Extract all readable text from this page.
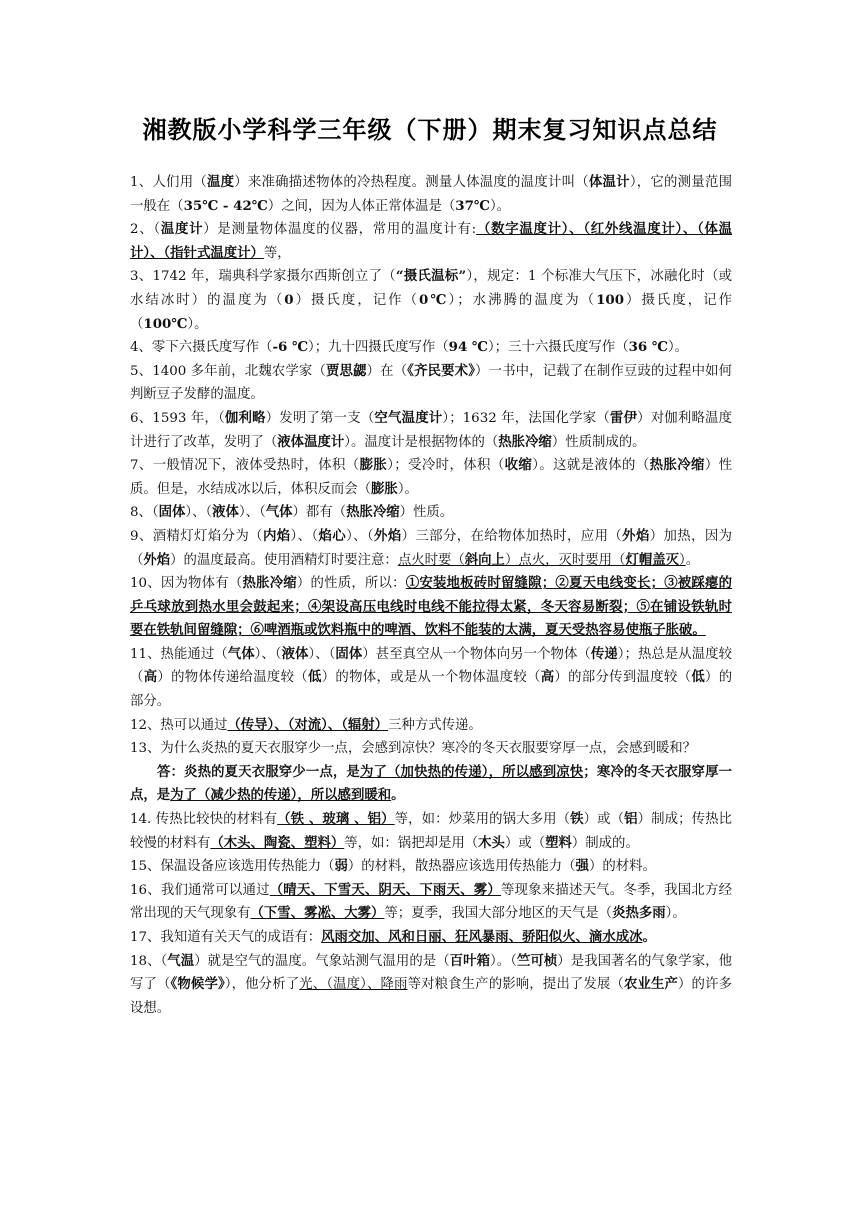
湘教版小学科学三年级（下册）期末复习知识点总结

1、人们用（温度）来准确描述物体的冷热程度。测量人体温度的温度计叫（体温计），它的测量范围一般在（35℃ - 42℃）之间，因为人体正常体温是（37℃）。

2、（温度计）是测量物体温度的仪器，常用的温度计有:（数字温度计）、（红外线温度计）、（体温计）、（指针式温度计）等，

3、1742 年，瑞典科学家摄尔西斯创立了（“摄氏温标”），规定：1 个标准大气压下，冰融化时（或水结冰时）的温度为（0）摄氏度，记作（0℃）；水沸腾的温度为（100）摄氏度，记作（100℃）。

4、零下六摄氏度写作（-6 ℃）；九十四摄氏度写作（94 ℃）；三十六摄氏度写作（36 ℃）。

5、1400 多年前，北魏农学家（贾思勰）在（《齐民要术》）一书中，记载了在制作豆豉的过程中如何判断豆子发酵的温度。

6、1593 年，（伽利略）发明了第一支（空气温度计）；1632 年，法国化学家（雷伊）对伽利略温度计进行了改革，发明了（液体温度计）。温度计是根据物体的（热胀冷缩）性质制成的。

7、一般情况下，液体受热时，体积（膨胀）；受冷时，体积（收缩）。这就是液体的（热胀冷缩）性质。但是，水结成冰以后，体积反而会（膨胀）。

8、（固体）、（液体）、（气体）都有（热胀冷缩）性质。

9、酒精灯灯焰分为（内焰）、（焰心）、（外焰）三部分，在给物体加热时，应用（外焰）加热，因为（外焰）的温度最高。使用酒精灯时要注意：点火时要（斜向上）点火，灭时要用（灯帽盖灭）。

10、因为物体有（热胀冷缩）的性质，所以：①安装地板砖时留缝隙；②夏天电线变长；③被踩瘪的乒乓球放到热水里会鼓起来；④架设高压电线时电线不能拉得太紧，冬天容易断裂；⑤在铺设铁轨时要在铁轨间留缝隙；⑥啤酒瓶或饮料瓶中的啤酒、饮料不能装的太满，夏天受热容易使瓶子胀破。

11、热能通过（气体）、（液体）、（固体）甚至真空从一个物体向另一个物体（传递）；热总是从温度较（高）的物体传递给温度较（低）的物体，或是从一个物体温度较（高）的部分传到温度较（低）的部分。

12、热可以通过（传导）、（对流）、（辐射）三种方式传递。

13、为什么炎热的夏天衣服穿少一点，会感到凉快？寒冷的冬天衣服要穿厚一点，会感到暖和？

答：炎热的夏天衣服穿少一点，是为了（加快热的传递），所以感到凉快；寒冷的冬天衣服穿厚一点，是为了（减少热的传递），所以感到暖和。

14. 传热比较快的材料有（铁 、玻璃 、铝）等，如：炒菜用的锅大多用（铁）或（铝）制成；传热比较慢的材料有（木头、陶瓷、塑料）等，如：锅把却是用（木头）或（塑料）制成的。

15、保温设备应该选用传热能力（弱）的材料，散热器应该选用传热能力（强）的材料。

16、我们通常可以通过（晴天、下雪天、阴天、下雨天、雾）等现象来描述天气。冬季，我国北方经常出现的天气现象有（下雪、雾凇、大雾）等；夏季，我国大部分地区的天气是（炎热多雨）。

17、我知道有关天气的成语有：风雨交加、风和日丽、狂风暴雨、骄阳似火、滴水成冰。

18、（气温）就是空气的温度。气象站测气温用的是（百叶箱）。（竺可桢）是我国著名的气象学家，他写了（《物候学》），他分析了光、（温度）、降雨等对粮食生产的影响，提出了发展（农业生产）的许多设想。
